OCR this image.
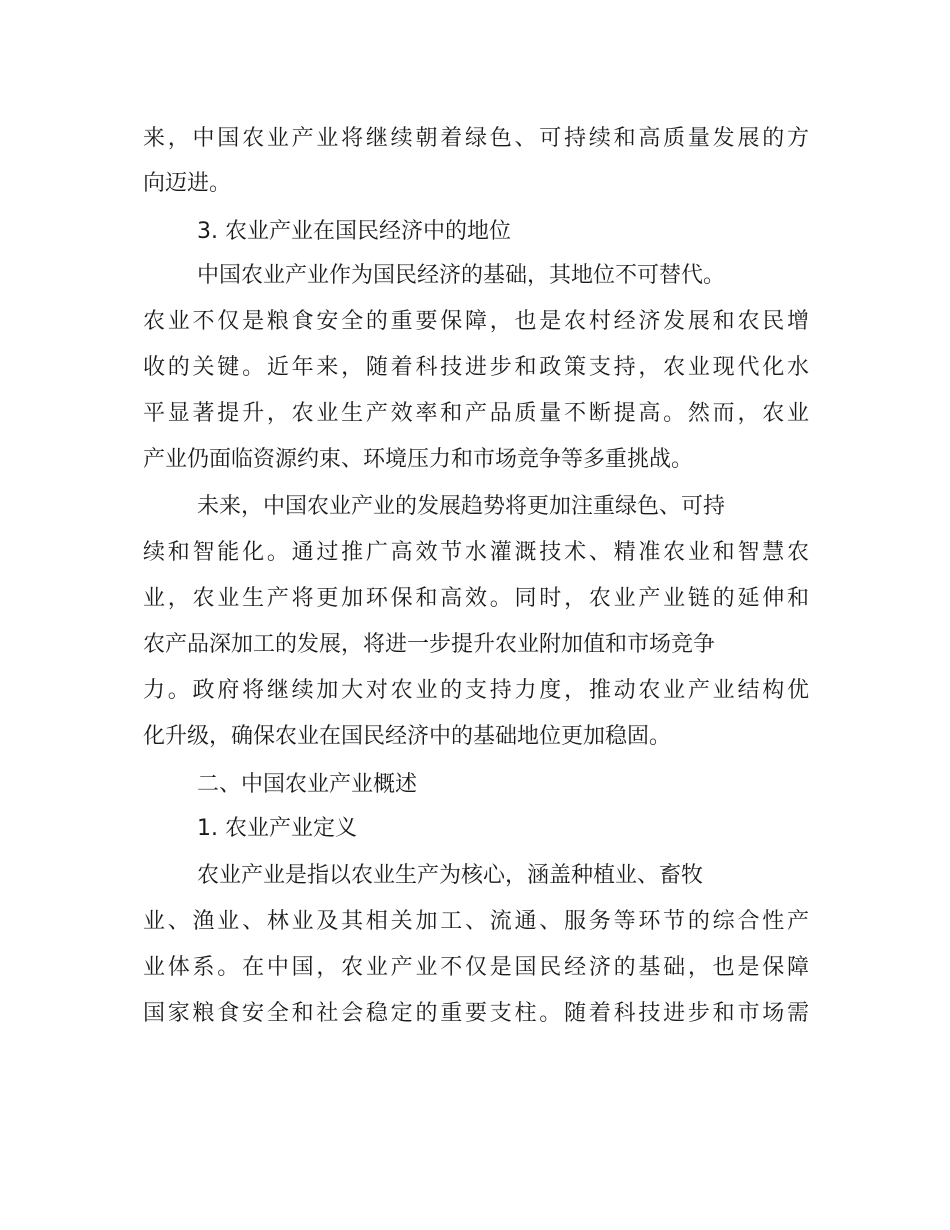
来，中国农业产业将继续朝着绿色、可持续和高质量发展的方
向迈进。
3. 农业产业在国民经济中的地位
中国农业产业作为国民经济的基础，其地位不可替代。
农业不仅是粮食安全的重要保障，也是农村经济发展和农民增
收的关键。近年来，随着科技进步和政策支持，农业现代化水
平显著提升，农业生产效率和产品质量不断提高。然而，农业
产业仍面临资源约束、环境压力和市场竞争等多重挑战。
未来，中国农业产业的发展趋势将更加注重绿色、可持
续和智能化。通过推广高效节水灌溉技术、精准农业和智慧农
业，农业生产将更加环保和高效。同时，农业产业链的延伸和
农产品深加工的发展，将进一步提升农业附加值和市场竞争
力。政府将继续加大对农业的支持力度，推动农业产业结构优
化升级，确保农业在国民经济中的基础地位更加稳固。
二、中国农业产业概述
1. 农业产业定义
农业产业是指以农业生产为核心，涵盖种植业、畜牧
业、渔业、林业及其相关加工、流通、服务等环节的综合性产
业体系。在中国，农业产业不仅是国民经济的基础，也是保障
国家粮食安全和社会稳定的重要支柱。随着科技进步和市场需
